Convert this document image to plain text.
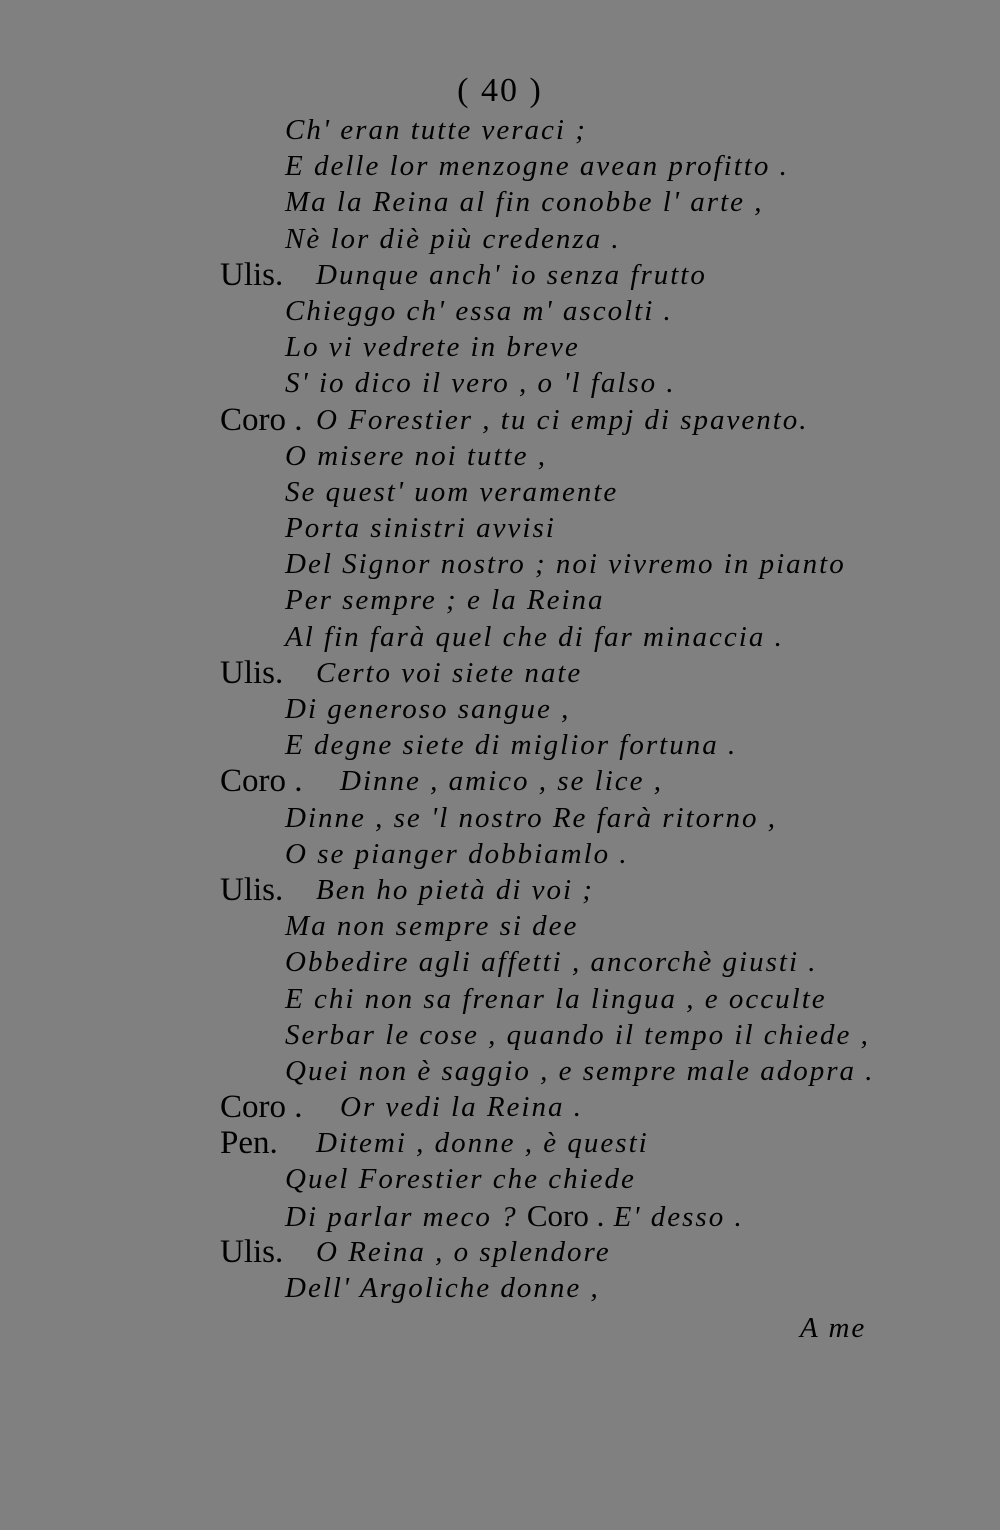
( 40 )
Ch' eran tutte veraci ;
E delle lor menzogne avean profitto .
Ma la Reina al fin conobbe l' arte ,
Nè lor diè più credenza .
Ulis. Dunque anch' io senza frutto
Chieggo ch' essa m' ascolti .
Lo vi vedrete in breve
S' io dico il vero , o 'l falso .
Coro . O Forestier , tu ci empj di spavento.
O misere noi tutte ,
Se quest' uom veramente
Porta sinistri avvisi
Del Signor nostro ; noi vivremo in pianto
Per sempre ; e la Reina
Al fin farà quel che di far minaccia .
Ulis. Certo voi siete nate
Di generoso sangue ,
E degne siete di miglior fortuna .
Coro . Dinne , amico , se lice ,
Dinne , se 'l nostro Re farà ritorno ,
O se pianger dobbiamlo .
Ulis. Ben ho pietà di voi ;
Ma non sempre si dee
Obbedire agli affetti , ancorchè giusti .
E chi non sa frenar la lingua , e occulte
Serbar le cose , quando il tempo il chiede ,
Quei non è saggio , e sempre male adopra .
Coro . Or vedi la Reina .
Pen. Ditemi , donne , è questi
Quel Forestier che chiede
Di parlar meco ? Coro . E' desso .
Ulis. O Reina , o splendore
Dell' Argoliche donne ,
A me
